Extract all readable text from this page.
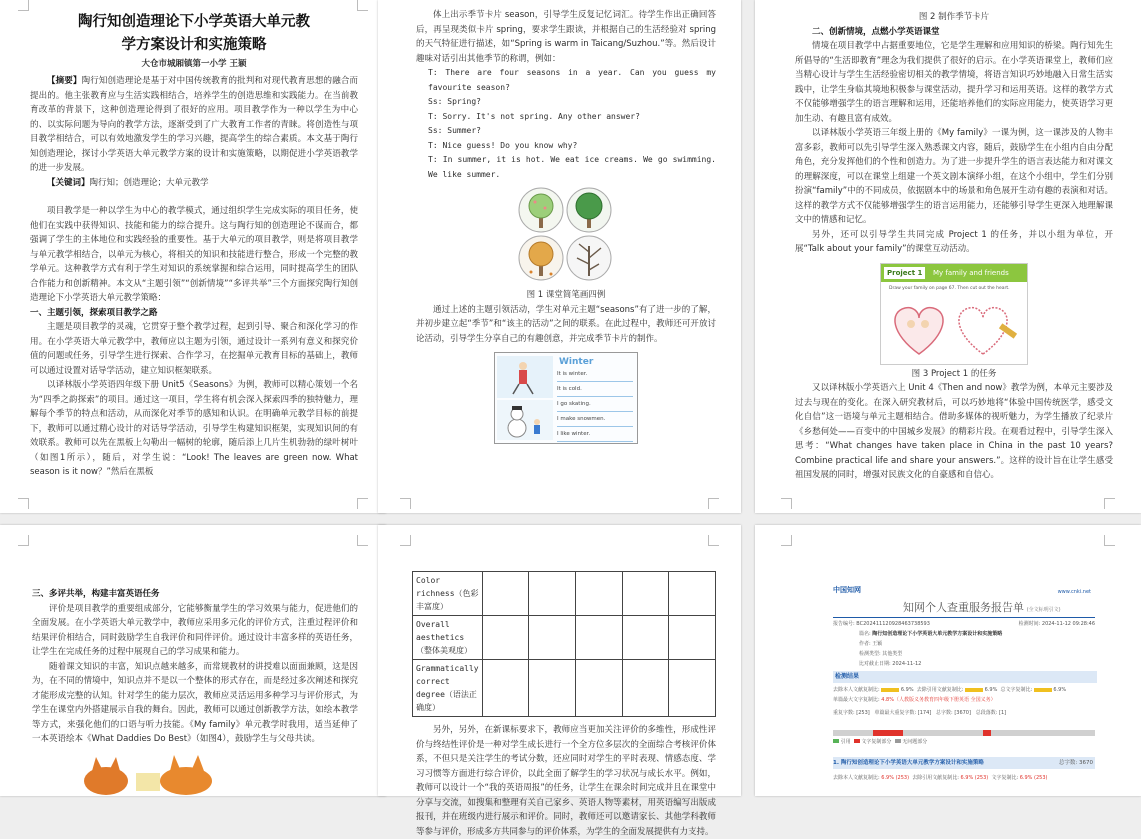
陶行知创造理论下小学英语大单元教
学方案设计和实施策略
大仓市城厢镇第一小学 王颖

【摘要】陶行知创造理论是基于对中国传统教育的批判和对现代教育思想的融合而提出的。他主张教育应与生活实践相结合，培养学生的创造思维和实践能力。在当前教育改革的背景下，这种创造理论得到了很好的应用。项目教学作为一种以学生为中心的、以实际问题为导向的教学方法，逐渐受到了广大教育工作者的青睐。将创造性与项目教学相结合，可以有效地激发学生的学习兴趣，提高学生的综合素质。本文基于陶行知创造理论，探讨小学英语大单元教学方案的设计和实施策略，以期促进小学英语教学的进一步发展。

【关键词】陶行知；创造理论；大单元教学

项目教学是一种以学生为中心的教学模式，通过组织学生完成实际的项目任务，使他们在实践中获得知识、技能和能力的综合提升。这与陶行知的创造理论不谋而合，都强调了学生的主体地位和实践经验的重要性。基于大单元的项目教学，则是将项目教学与单元教学相结合，以单元为核心，将相关的知识和技能进行整合，形成一个完整的教学单元。这种教学方式有利于学生对知识的系统掌握和综合运用，同时提高学生的团队合作能力和创新精神。本文从“主题引领”“创新情境”“多评共举”三个方面探究陶行知创造理论下小学英语大单元教学策略：

一、主题引领，探索项目教学之路

主题是项目教学的灵魂，它贯穿于整个教学过程，起到引导、聚合和深化学习的作用。在小学英语大单元教学中，教师应以主题为引领，通过设计一系列有意义和探究价值的问题或任务，引导学生进行探索、合作学习，在挖掘单元教育目标的基础上，教师可以通过设置对话导学活动，建立知识框架联系。

以译林版小学英语四年级下册 Unit5《Seasons》为例，教师可以精心策划一个名为“四季之韵探索”的项目。通过这一项目，学生将有机会深入探索四季的独特魅力，理解每个季节的特点和活动，从而深化对季节的感知和认识。在明确单元教学目标的前提下，教师可以通过精心设计的对话导学活动，引导学生构建知识框架，实现知识间的有效联系。教师可以先在黑板上勾勒出一幅树的轮廓，随后添上几片生机勃勃的绿叶树叶（如图1所示），随后，对学生说：“Look! The leaves are green now. What season is it now？”然后在黑板

体上出示季节卡片 season，引导学生反复记忆词汇。待学生作出正确回答后，再呈现类似卡片 spring，要求学生跟读，并根据自己的生活经验对 spring 的天气特征进行描述，如“Spring is warm in Taicang/Suzhou.”等。然后设计趣味对话引出其他季节的称谓，例如：

T: There are four seasons in a year. Can you guess my favourite season?

Ss: Spring?

T: Sorry. It's not spring. Any other answer?

Ss: Summer?

T: Nice guess! Do you know why?

T: In summer, it is hot. We eat ice creams. We go swimming. We like summer.

图 1 课堂简笔画四例

通过上述的主题引领活动，学生对单元主题“seasons”有了进一步的了解，并初步建立起“季节”和“该主的活动”之间的联系。在此过程中，教师还可开放讨论活动，引导学生分享自己的有趣创意，并完成季节卡片的制作。

Winter
It is winter.
It is cold.
I go skating.
I make snowmen.
I like winter.

图 2 制作季节卡片

二、创新情境，点燃小学英语课堂

情境在项目教学中占据重要地位，它是学生理解和应用知识的桥梁。陶行知先生所倡导的“生活即教育”理念为我们提供了很好的启示。在小学英语课堂上，教师们应当精心设计与学生生活经验密切相关的教学情境，将语言知识巧妙地融入日常生活实践中，让学生身临其境地积极参与课堂活动，提升学习和运用英语。这样的教学方式不仅能够增强学生的语言理解和运用，还能培养他们的实际应用能力，使英语学习更加生动、有趣且富有成效。

以译林版小学英语三年级上册的《My family》一课为例，这一课涉及的人物丰富多彩，教师可以先引导学生深入熟悉课文内容，随后，鼓励学生在小组内自由分配角色，充分发挥他们的个性和创造力。为了进一步提升学生的语言表达能力和对课文的理解深度，可以在课堂上组建一个英文剧本演绎小组，在这个小组中，学生们分别扮演“family”中的不同成员，依据剧本中的场景和角色展开生动有趣的表演和对话。这样的教学方式不仅能够增强学生的语言运用能力，还能够引导学生更深入地理解课文中的情感和记忆。

另外，还可以引导学生共同完成 Project 1 的任务，并以小组为单位，开展“Talk about your family”的课堂互动活动。

Project 1	My family and friends
Draw your family on page 67. Then cut out the heart.

图 3 Project 1 的任务

又以译林版小学英语六上 Unit 4《Then and now》教学为例，本单元主要涉及过去与现在的变化。在深入研究教材后，可以巧妙地将“体验中国传统医学，感受文化自信”这一语境与单元主题相结合。借助多媒体的视听魅力，为学生播放了纪录片《乡愁何处——百变中的中国城乡发展》的精彩片段。在观看过程中，引导学生深入思考：“What changes have taken place in China in the past 10 years? Combine practical life and share your answers.”。这样的设计旨在让学生感受祖国发展的同时，增强对民族文化的自豪感和自信心。

三、多评共举，构建丰富英语任务

评价是项目教学的重要组成部分，它能够衡量学生的学习效果与能力，促进他们的全面发展。在小学英语大单元教学中，教师应采用多元化的评价方式，注重过程评价和结果评价相结合，同时鼓励学生自我评价和同伴评价。通过设计丰富多样的英语任务，让学生在完成任务的过程中展现自己的学习成果和能力。

随着课文知识的丰富，知识点越来越多，而常规教材的讲授难以面面兼顾，这是因为，在不同的情境中，知识点并不是以一个整体的形式存在，而是经过多次阐述和探究才能形成完整的认知。针对学生的能力层次，教师应灵活运用多种学习与评价形式，为学生在课堂内外搭建展示自我的舞台。因此，教师可以通过创新教学方法，如绘本教学等方式，来强化他们的口语与听力技能。《My family》单元教学时我用，适当延伸了一本英语绘本《What Daddies Do Best》（如图4），鼓励学生与父母共读。

Color richness（色彩丰富度）					
Overall aesthetics（整体美观度）					
Grammatically correct degree（语法正确度）					

另外，另外，在新课标要求下，教师应当更加关注评价的多维性，形成性评价与终结性评价是一种对学生成长进行一个全方位多层次的全面综合考核评价体系，不但只是关注学生的考试分数，还应同时对学生的平时表现、情感态度、学习习惯等方面进行综合评价，以此全面了解学生的学习状况与成长水平。例如，教师可以设计一个“我的英语周报”的任务，让学生在课余时间完成并且在课堂中分享与交流，如搜集和整理有关自己家乡、英语人物等素材，用英语编写出版成报刊，并在班级内进行展示和评价。同时，教师还可以邀请家长、其他学科教师等参与评价，形成多方共同参与的评价体系，为学生的全面发展提供有力支持。

中国知网	www.cnki.net
知网个人查重服务报告单 (全文标明引文)
报告编号: BC202411120928463738593	检测时间: 2024-11-12 09:28:46
篇名: 陶行知创造理论下小学英语大单元教学方案设计和实施策略
作者: 王颖
检测类型: 其他类型
比对截止日期: 2024-11-12
检测结果
去除本人文献复制比:	6.9% 去除引用文献复制比:	6.9% 总文字复制比:	6.9%
单篇最大文字复制比: 4.8%（人教版义务教育四年级下册英语 全国义务）
重复字数: [253] 单篇最大重复字数: [174] 总字数: [3670] 总段落数: [1]
引用 文字复制部分 无问题部分
1. 陶行知创造理论下小学英语大单元教学方案设计和实施策略	总字数: 3670
去除本人文献复制比: 6.9% (253) 去除引用文献复制比: 6.9% (253) 文字复制比: 6.9% (253)
